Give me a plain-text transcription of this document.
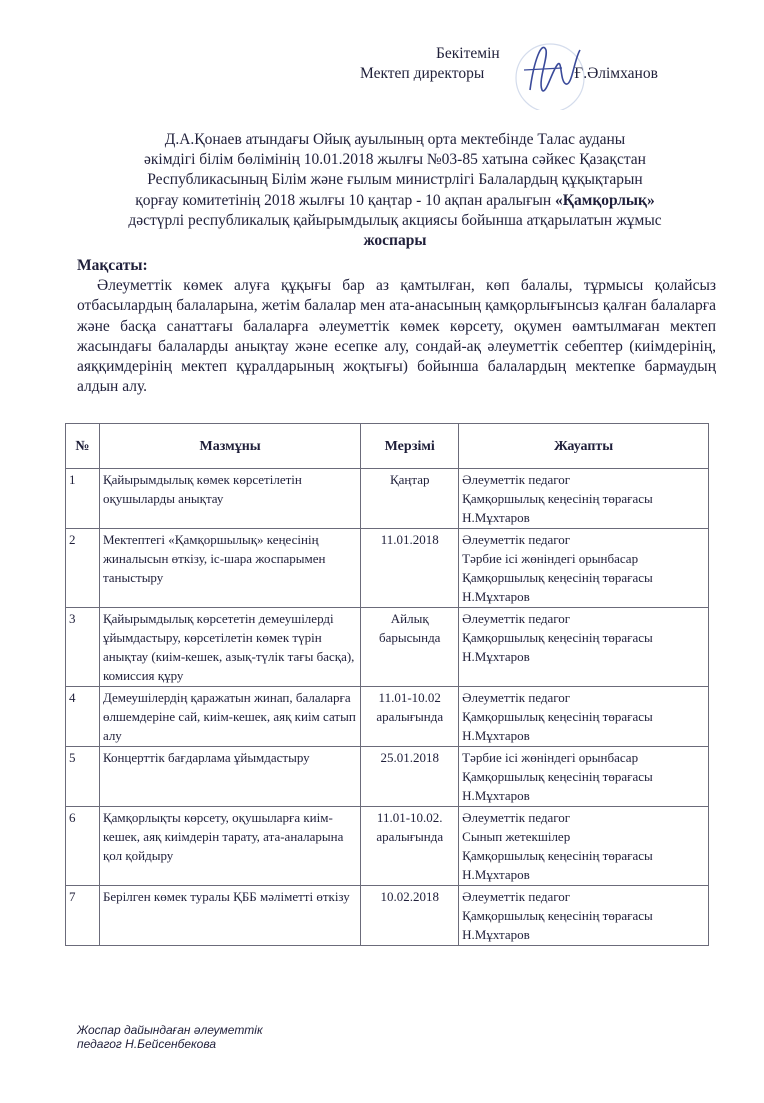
Бекітемін
Мектеп директоры	Ғ.Әлімханов
Д.А.Қонаев атындағы Ойық ауылының орта мектебінде Талас ауданы
әкімдігі білім бөлімінің 10.01.2018 жылғы №03-85 хатына сәйкес Қазақстан
Республикасының Білім және ғылым министрлігі Балалардың құқықтарын
қорғау комитетінің 2018 жылғы 10 қаңтар - 10 ақпан аралығын «Қамқорлық»
дәстүрлі республикалық қайырымдылық акциясы бойынша атқарылатын жұмыс
жоспары
Мақсаты:
Әлеуметтік көмек алуға құқығы бар аз қамтылған, көп балалы, тұрмысы қолайсыз отбасылардың балаларына, жетім балалар мен ата-анасының қамқорлығынсыз қалған балаларға және басқа санаттағы балаларға әлеуметтік көмек көрсету, оқумен өамтылмаған мектеп жасындағы балаларды анықтау және есепке алу, сондай-ақ әлеуметтік себептер (киімдерінің, аяққимдерінің мектеп құралдарының жоқтығы) бойынша балалардың мектепке бармаудың алдын алу.
№	Мазмұны	Мерзімі	Жауапты
1	Қайырымдылық көмек көрсетілетін оқушыларды анықтау	Қаңтар	Әлеуметтік педагог
Қамқоршылық кеңесінің төрағасы
Н.Мұхтаров

2	Мектептегі «Қамқоршылық» кеңесінің жиналысын өткізу, іс-шара жоспарымен таныстыру	11.01.2018	Әлеуметтік педагог
Тәрбие ісі жөніндегі орынбасар
Қамқоршылық кеңесінің төрағасы
Н.Мұхтаров

3	Қайырымдылық көрсететін демеушілерді ұйымдастыру, көрсетілетін көмек түрін анықтау (киім-кешек, азық-түлік тағы басқа), комиссия құру	Айлық барысында	Әлеуметтік педагог
Қамқоршылық кеңесінің төрағасы
Н.Мұхтаров

4	Демеушілердің қаражатын жинап, балаларға өлшемдеріне сай, киім-кешек, аяқ киім сатып алу	11.01-10.02 аралығында	Әлеуметтік педагог
Қамқоршылық кеңесінің төрағасы
Н.Мұхтаров

5	Концерттік бағдарлама ұйымдастыру	25.01.2018	Тәрбие ісі жөніндегі орынбасар
Қамқоршылық кеңесінің төрағасы
Н.Мұхтаров

6	Қамқорлықты көрсету, оқушыларға киім-кешек, аяқ киімдерін тарату, ата-аналарына қол қойдыру	11.01-10.02. аралығында	Әлеуметтік педагог
Сынып жетекшілер
Қамқоршылық кеңесінің төрағасы
Н.Мұхтаров

7	Берілген көмек туралы ҚББ мәліметті өткізу	10.02.2018	Әлеуметтік педагог
Қамқоршылық кеңесінің төрағасы
Н.Мұхтаров
Жоспар дайындаған әлеуметтік
педагог Н.Бейсенбекова
